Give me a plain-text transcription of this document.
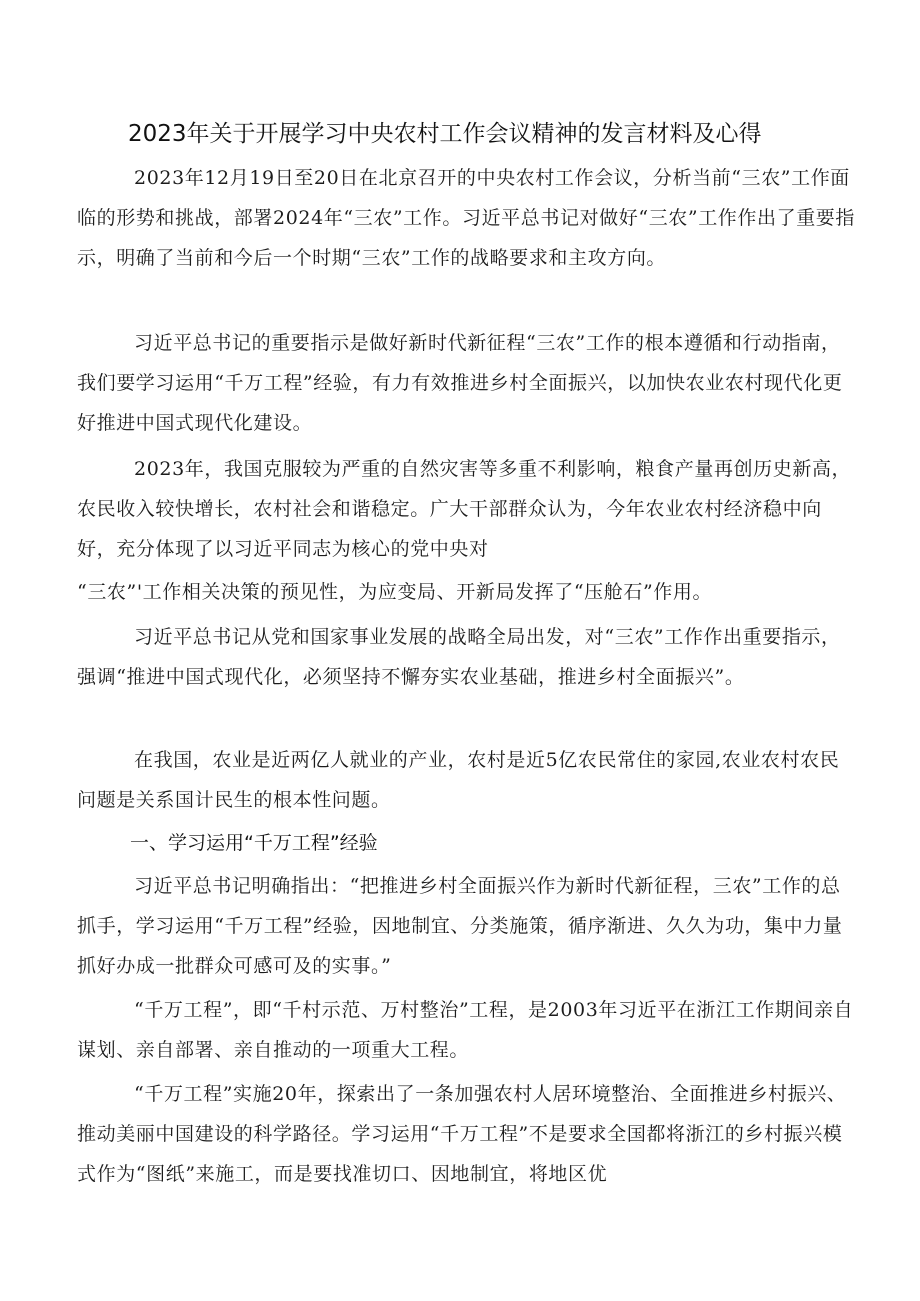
2023年关于开展学习中央农村工作会议精神的发言材料及心得

2023年12月19日至20日在北京召开的中央农村工作会议，分析当前“三农”工作面临的形势和挑战，部署2024年“三农”工作。习近平总书记对做好“三农”工作作出了重要指示，明确了当前和今后一个时期“三农”工作的战略要求和主攻方向。

习近平总书记的重要指示是做好新时代新征程“三农”工作的根本遵循和行动指南，我们要学习运用“千万工程”经验，有力有效推进乡村全面振兴，以加快农业农村现代化更好推进中国式现代化建设。

2023年，我国克服较为严重的自然灾害等多重不利影响，粮食产量再创历史新高，农民收入较快增长，农村社会和谐稳定。广大干部群众认为，今年农业农村经济稳中向好，充分体现了以习近平同志为核心的党中央对

“三农”'工作相关决策的预见性，为应变局、开新局发挥了“压舱石”作用。

习近平总书记从党和国家事业发展的战略全局出发，对“三农”工作作出重要指示，强调“推进中国式现代化，必须坚持不懈夯实农业基础，推进乡村全面振兴”。

在我国，农业是近两亿人就业的产业，农村是近5亿农民常住的家园,农业农村农民问题是关系国计民生的根本性问题。

一、学习运用“千万工程”经验

习近平总书记明确指出：“把推进乡村全面振兴作为新时代新征程，三农”工作的总抓手，学习运用“千万工程”经验，因地制宜、分类施策，循序渐进、久久为功，集中力量抓好办成一批群众可感可及的实事。”

“千万工程”，即“千村示范、万村整治”工程，是2003年习近平在浙江工作期间亲自谋划、亲自部署、亲自推动的一项重大工程。

“千万工程”实施20年，探索出了一条加强农村人居环境整治、全面推进乡村振兴、推动美丽中国建设的科学路径。学习运用“千万工程”不是要求全国都将浙江的乡村振兴模式作为“图纸”来施工，而是要找准切口、因地制宜，将地区优
